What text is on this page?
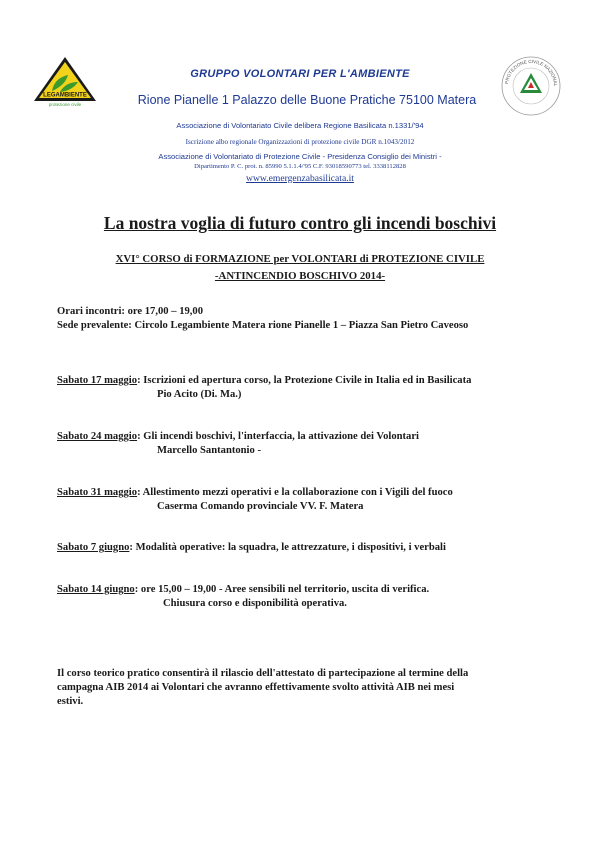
LEGAMBIENTE
protezione civile
PROTEZIONE CIVILE NAZIONAL
GRUPPO VOLONTARI PER L'AMBIENTE
Rione Pianelle 1 Palazzo delle Buone Pratiche 75100 Matera
Associazione di Volontariato Civile delibera Regione Basilicata n.1331/'94
Iscrizione albo regionale Organizzazioni di protezione civile DGR n.1043/2012
Associazione di Volontariato di Protezione Civile - Presidenza Consiglio dei Ministri -
Dipartimento P. C. prot. n. 85990 5.1.1.4/'95 C.F. 93018590773 tel. 3338112828
www.emergenzabasilicata.it
La nostra voglia di futuro contro gli incendi boschivi
XVI° CORSO di FORMAZIONE per VOLONTARI di PROTEZIONE CIVILE
-ANTINCENDIO BOSCHIVO 2014-
Orari incontri: ore 17,00 – 19,00
Sede prevalente: Circolo Legambiente Matera rione Pianelle 1 – Piazza San Pietro Caveoso
Sabato 17 maggio: Iscrizioni ed apertura corso, la Protezione Civile in Italia ed in Basilicata
Pio Acito (Di. Ma.)
Sabato 24 maggio: Gli incendi boschivi, l'interfaccia, la attivazione dei Volontari
Marcello Santantonio -
Sabato 31 maggio: Allestimento mezzi operativi e la collaborazione con i Vigili del fuoco
Caserma Comando provinciale VV. F. Matera
Sabato 7 giugno: Modalità operative: la squadra, le attrezzature, i dispositivi, i verbali
Sabato 14 giugno: ore 15,00 – 19,00 - Aree sensibili nel territorio, uscita di verifica.
Chiusura corso e disponibilità operativa.
Il corso teorico pratico consentirà il rilascio dell'attestato di partecipazione al termine della
campagna AIB 2014 ai Volontari che avranno effettivamente svolto attività AIB nei mesi
estivi.
